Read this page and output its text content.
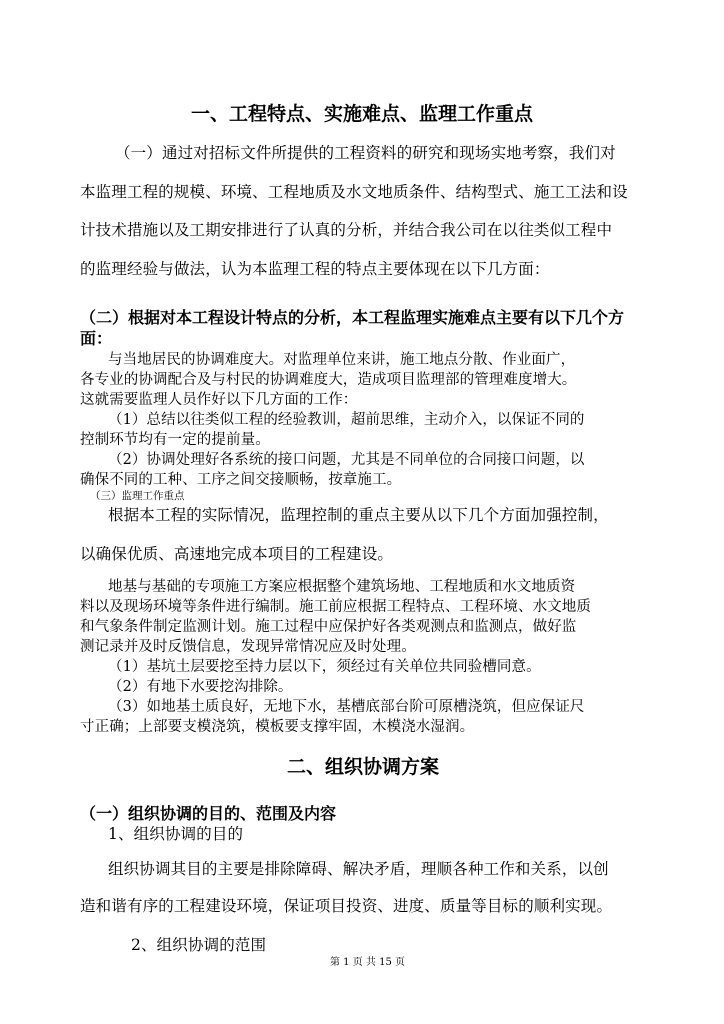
一、工程特点、实施难点、监理工作重点
（一）通过对招标文件所提供的工程资料的研究和现场实地考察，我们对
本监理工程的规模、环境、工程地质及水文地质条件、结构型式、施工工法和设
计技术措施以及工期安排进行了认真的分析，并结合我公司在以往类似工程中
的监理经验与做法，认为本监理工程的特点主要体现在以下几方面：
（二）根据对本工程设计特点的分析，本工程监理实施难点主要有以下几个方
面：
与当地居民的协调难度大。对监理单位来讲，施工地点分散、作业面广，
各专业的协调配合及与村民的协调难度大，造成项目监理部的管理难度增大。
这就需要监理人员作好以下几方面的工作：
（1）总结以往类似工程的经验教训，超前思维，主动介入，以保证不同的
控制环节均有一定的提前量。
（2）协调处理好各系统的接口问题，尤其是不同单位的合同接口问题，以
确保不同的工种、工序之间交接顺畅，按章施工。
（三）监理工作重点
根据本工程的实际情况，监理控制的重点主要从以下几个方面加强控制，
以确保优质、高速地完成本项目的工程建设。
地基与基础的专项施工方案应根据整个建筑场地、工程地质和水文地质资
料以及现场环境等条件进行编制。施工前应根据工程特点、工程环境、水文地质
和气象条件制定监测计划。施工过程中应保护好各类观测点和监测点，做好监
测记录并及时反馈信息，发现异常情况应及时处理。
（1）基坑土层要挖至持力层以下，须经过有关单位共同验槽同意。
（2）有地下水要挖沟排除。
（3）如地基土质良好，无地下水，基槽底部台阶可原槽浇筑，但应保证尺
寸正确；上部要支模浇筑，模板要支撑牢固，木模浇水湿润。
二、组织协调方案
（一）组织协调的目的、范围及内容
1、组织协调的目的
组织协调其目的主要是排除障碍、解决矛盾，理顺各种工作和关系，以创
造和谐有序的工程建设环境，保证项目投资、进度、质量等目标的顺利实现。
2、组织协调的范围
第 1 页 共 15 页
